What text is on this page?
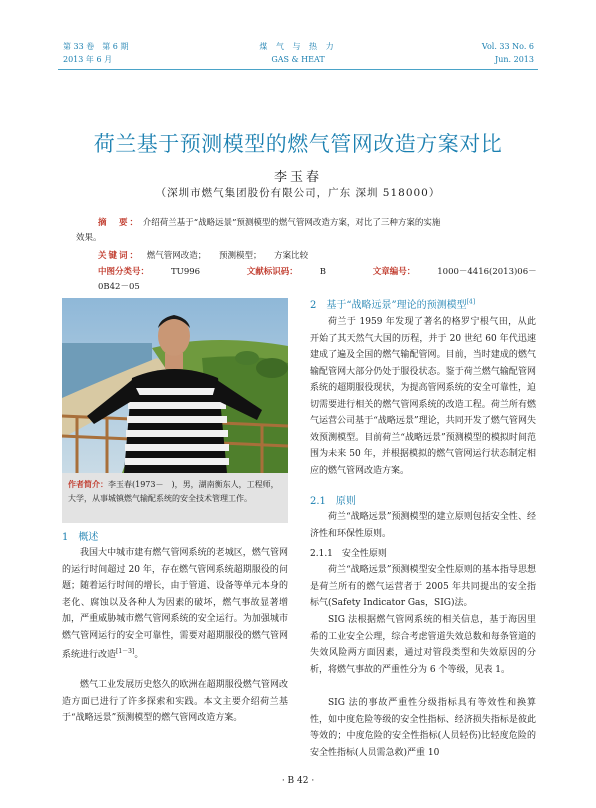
第 33 卷　第 6 期
2013 年 6 月
煤 气 与 热 力
GAS & HEAT
Vol. 33 No. 6
Jun. 2013
荷兰基于预测模型的燃气管网改造方案对比
李玉春
（深圳市燃气集团股份有限公司，广东 深圳 518000）
摘　要： 介绍荷兰基于“战略远景”预测模型的燃气管网改造方案，对比了三种方案的实施
效果。
关键词： 燃气管网改造； 预测模型； 方案比较
中图分类号：	TU996	文献标识码：	B	文章编号：	1000－4416(2013)06－0B42－05
作者简介：李玉春(1973－　)，男，湖南衡东人，工程师，大学，从事城镇燃气输配系统的安全技术管理工作。
1　概述
我国大中城市建有燃气管网系统的老城区，燃气管网的运行时间超过 20 年，存在燃气管网系统超期服役的问题；随着运行时间的增长，由于管道、设备等单元本身的老化、腐蚀以及各种人为因素的破坏，燃气事故显著增加，严重威胁城市燃气管网系统的安全运行。为加强城市燃气管网运行的安全可靠性，需要对超期服役的燃气管网系统进行改造[1－3]。
燃气工业发展历史悠久的欧洲在超期服役燃气管网改造方面已进行了许多探索和实践。本文主要介绍荷兰基于“战略远景”预测模型的燃气管网改造方案。
2　基于“战略远景”理论的预测模型[4]
荷兰于 1959 年发现了著名的格罗宁根气田，从此开始了其天然气大国的历程，并于 20 世纪 60 年代迅速建成了遍及全国的燃气输配管网。目前，当时建成的燃气输配管网大部分仍处于服役状态。鉴于荷兰燃气输配管网系统的超期服役现状，为提高管网系统的安全可靠性，迫切需要进行相关的燃气管网系统的改造工程。荷兰所有燃气运营公司基于“战略远景”理论，共同开发了燃气管网失效预测模型。目前荷兰“战略远景”预测模型的模拟时间范围为未来 50 年，并根据模拟的燃气管网运行状态制定相应的燃气管网改造方案。
2.1　原则
荷兰“战略远景”预测模型的建立原则包括安全性、经济性和环保性原则。
2.1.1　安全性原则
荷兰“战略远景”预测模型安全性原则的基本指导思想是荷兰所有的燃气运营者于 2005 年共同提出的安全指标气(Safety Indicator Gas，SIG)法。
SIG 法根据燃气管网系统的相关信息，基于海因里希的工业安全公理，综合考虑管道失效总数和每条管道的失效风险两方面因素，通过对管段类型和失效原因的分析，将燃气事故的严重性分为 6 个等级，见表 1。
SIG 法的事故严重性分级指标具有等效性和换算性，如中度危险等级的安全性指标、经济损失指标是彼此等效的；中度危险的安全性指标(人员轻伤)比轻度危险的安全性指标(人员需急救)严重 10
· B 42 ·
